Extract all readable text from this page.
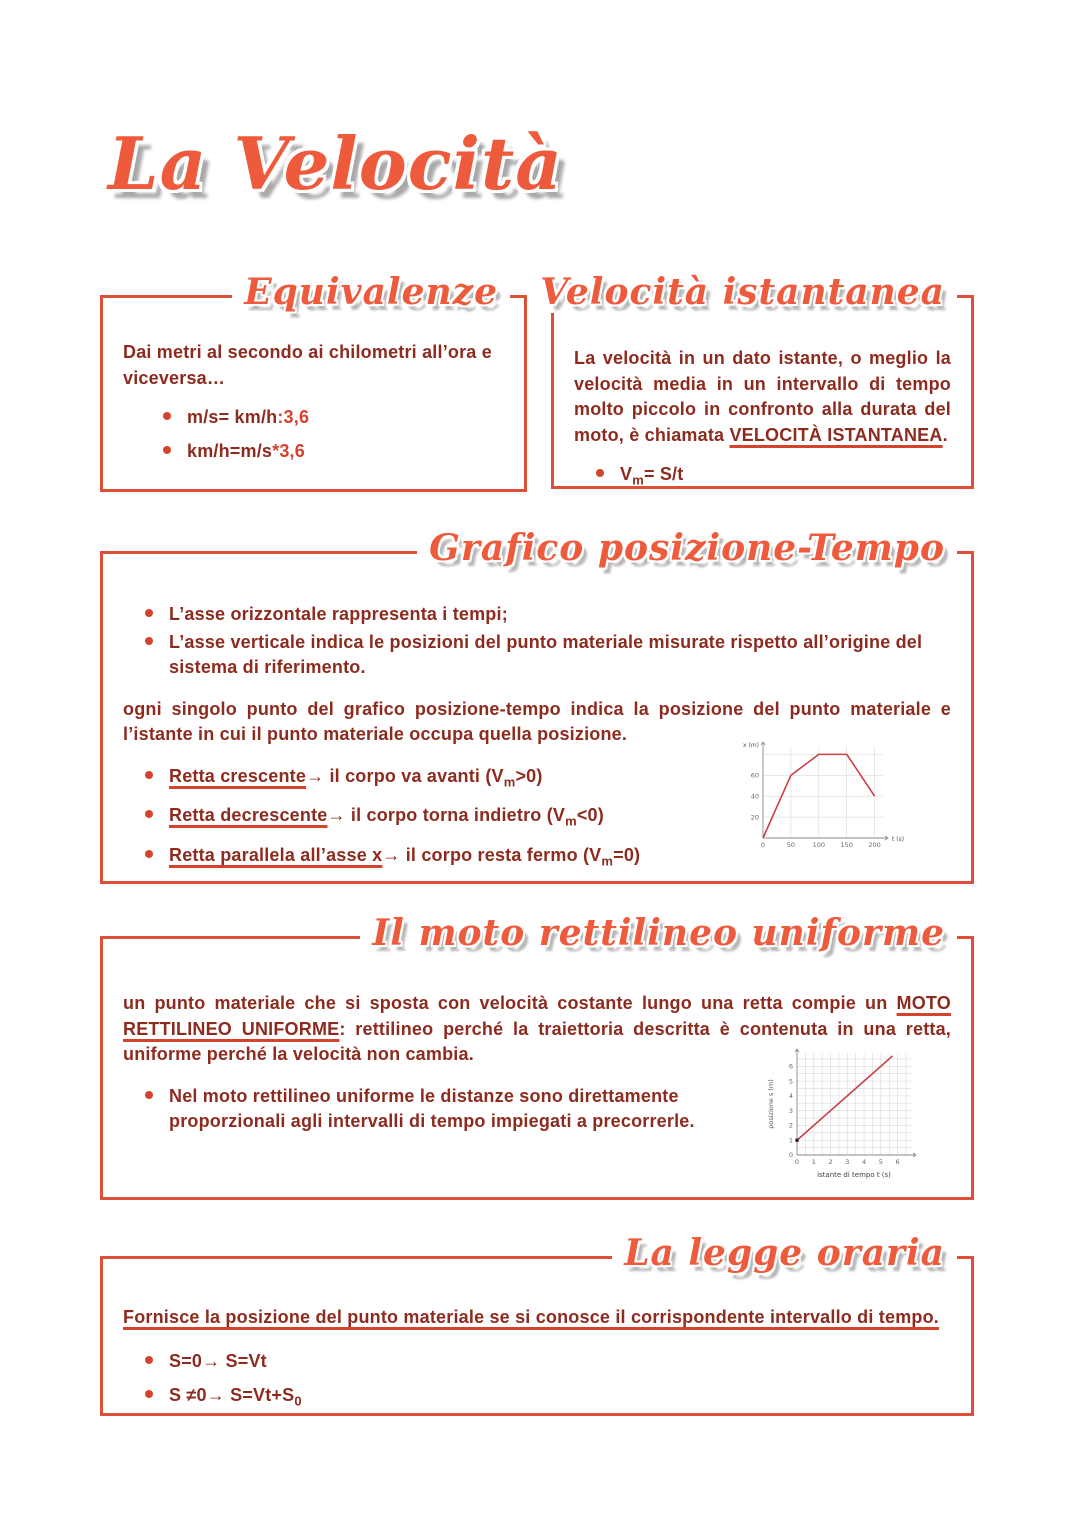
La Velocità
Equivalenze

Dai metri al secondo ai chilometri all’ora e viceversa…

m/s= km/h:3,6
km/h=m/s*3,6
Velocità istantanea

La velocità in un dato istante, o meglio la velocità media in un intervallo di tempo molto piccolo in confronto alla durata del moto, è chiamata VELOCITÀ ISTANTANEA.

$V_m= S/t$
Grafico posizione-Tempo
L’asse orizzontale rappresenta i tempi;
L’asse verticale indica le posizioni del punto materiale misurate rispetto all’origine del sistema di riferimento.

ogni singolo punto del grafico posizione-tempo indica la posizione del punto materiale e l’istante in cui il punto materiale occupa quella posizione.

Retta crescente→ il corpo va avanti $(V_m>0)$
Retta decrescente→ il corpo torna indietro $(V_m<0)$
Retta parallela all’asse x→ il corpo resta fermo $(V_m=0)$
0	50	100 150 200
20
40
60
x (m)
t (s)
Il moto rettilineo uniforme

un punto materiale che si sposta con velocità costante lungo una retta compie un MOTO RETTILINEO UNIFORME: rettilineo perché la traiettoria descritta è contenuta in una retta, uniforme perché la velocità non cambia.

Nel moto rettilineo uniforme le distanze sono direttamente proporzionali agli intervalli di tempo impiegati a precorrerle.
0 1 2 3 4 5 6
0
1
2
3
4
5
6
posizione s (m)
istante di tempo t (s)
La legge oraria

Fornisce la posizione del punto materiale se si conosce il corrispondente intervallo di tempo.

S=0→ S=Vt
$S \ne 0\to S=Vt+S_0$
